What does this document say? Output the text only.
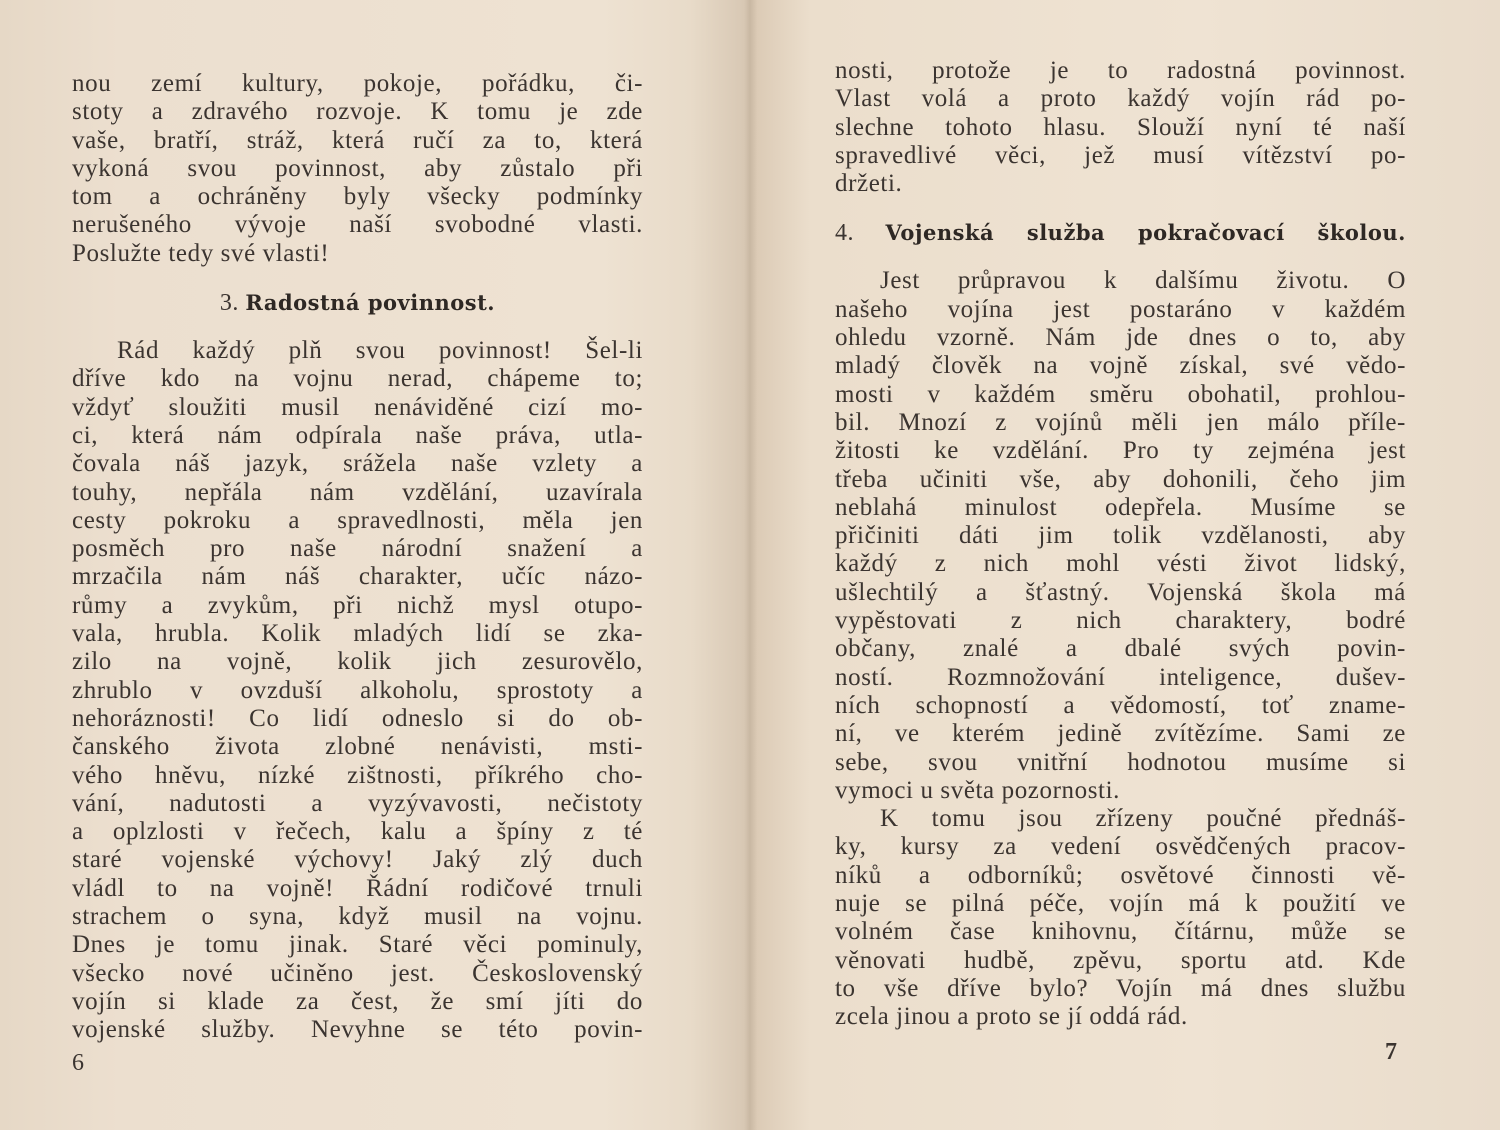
nou zemí kultury, pokoje, pořádku, či-
stoty a zdravého rozvoje. K tomu je zde
vaše, bratří, stráž, která ručí za to, která
vykoná svou povinnost, aby zůstalo při
tom a ochráněny byly všecky podmínky
nerušeného vývoje naší svobodné vlasti.
Poslužte tedy své vlasti!
3. Radostná povinnost.
Rád každý plň svou povinnost! Šel-li
dříve kdo na vojnu nerad, chápeme to;
vždyť sloužiti musil nenáviděné cizí mo-
ci, která nám odpírala naše práva, utla-
čovala náš jazyk, srážela naše vzlety a
touhy, nepřála nám vzdělání, uzavírala
cesty pokroku a spravedlnosti, měla jen
posměch pro naše národní snažení a
mrzačila nám náš charakter, učíc názo-
růmy a zvykům, při nichž mysl otupo-
vala, hrubla. Kolik mladých lidí se zka-
zilo na vojně, kolik jich zesurovělo,
zhrublo v ovzduší alkoholu, sprostoty a
nehoráznosti! Co lidí odneslo si do ob-
čanského života zlobné nenávisti, msti-
vého hněvu, nízké zištnosti, příkrého cho-
vání, nadutosti a vyzývavosti, nečistoty
a oplzlosti v řečech, kalu a špíny z té
staré vojenské výchovy! Jaký zlý duch
vládl to na vojně! Řádní rodičové trnuli
strachem o syna, když musil na vojnu.
Dnes je tomu jinak. Staré věci pominuly,
všecko nové učiněno jest. Československý
vojín si klade za čest, že smí jíti do
vojenské služby. Nevyhne se této povin-
nosti, protože je to radostná povinnost.
Vlast volá a proto každý vojín rád po-
slechne tohoto hlasu. Slouží nyní té naší
spravedlivé věci, jež musí vítězství po-
držeti.
4. Vojenská služba pokračovací školou.
Jest průpravou k dalšímu životu. O
našeho vojína jest postaráno v každém
ohledu vzorně. Nám jde dnes o to, aby
mladý člověk na vojně získal, své vědo-
mosti v každém směru obohatil, prohlou-
bil. Mnozí z vojínů měli jen málo příle-
žitosti ke vzdělání. Pro ty zejména jest
třeba učiniti vše, aby dohonili, čeho jim
neblahá minulost odepřela. Musíme se
přičiniti dáti jim tolik vzdělanosti, aby
každý z nich mohl vésti život lidský,
ušlechtilý a šťastný. Vojenská škola má
vypěstovati z nich charaktery, bodré
občany, znalé a dbalé svých povin-
ností. Rozmnožování inteligence, dušev-
ních schopností a vědomostí, toť zname-
ní, ve kterém jedině zvítězíme. Sami ze
sebe, svou vnitřní hodnotou musíme si
vymoci u světa pozornosti.
K tomu jsou zřízeny poučné přednáš-
ky, kursy za vedení osvědčených pracov-
níků a odborníků; osvětové činnosti vě-
nuje se pilná péče, vojín má k použití ve
volném čase knihovnu, čítárnu, může se
věnovati hudbě, zpěvu, sportu atd. Kde
to vše dříve bylo? Vojín má dnes službu
zcela jinou a proto se jí oddá rád.
6	7
